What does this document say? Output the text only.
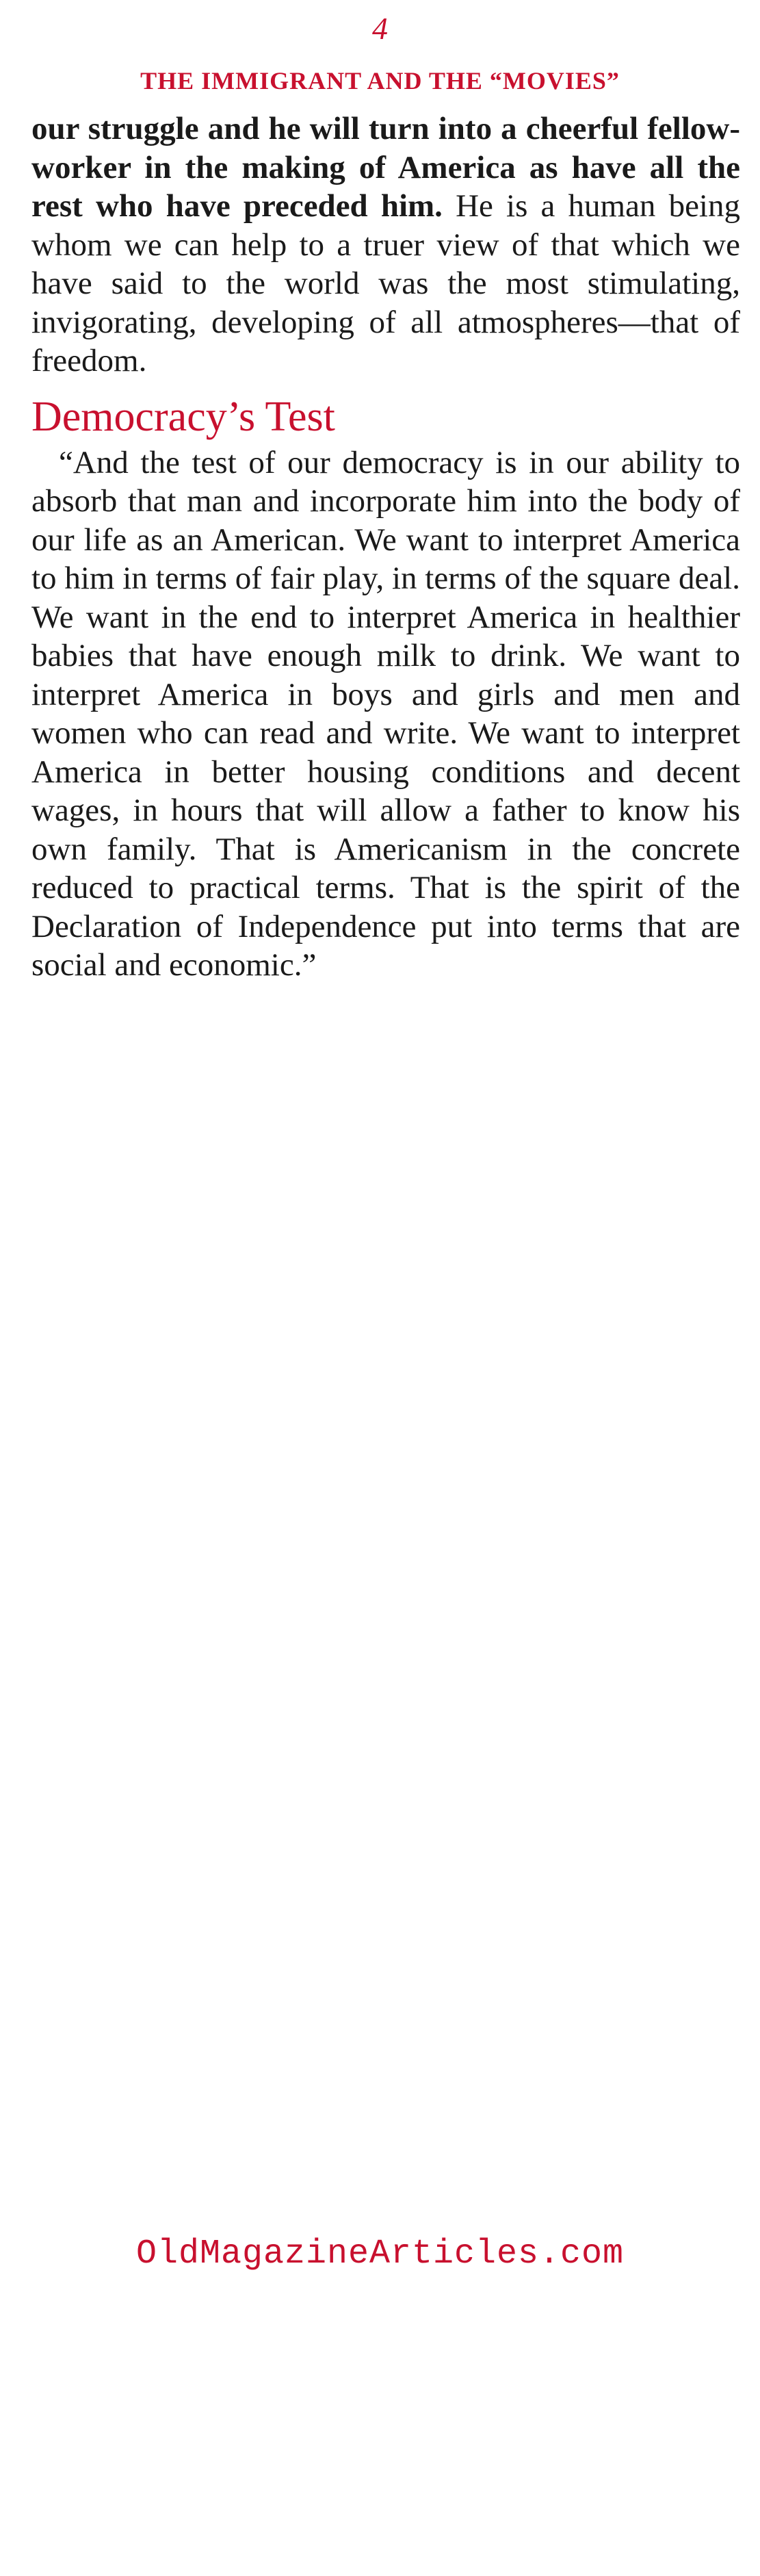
4
THE IMMIGRANT AND THE “MOVIES”

our struggle and he will turn into a cheerful fellow-worker in the making of America as have all the rest who have preceded him. He is a human being whom we can help to a truer view of that which we have said to the world was the most stimulating, invigorating, developing of all atmospheres—that of freedom.

Democracy’s Test

“And the test of our democracy is in our ability to absorb that man and incorporate him into the body of our life as an American. We want to interpret America to him in terms of fair play, in terms of the square deal. We want in the end to interpret America in healthier babies that have enough milk to drink. We want to interpret America in boys and girls and men and women who can read and write. We want to interpret America in better housing conditions and decent wages, in hours that will allow a father to know his own family. That is Americanism in the concrete reduced to practical terms. That is the spirit of the Declaration of Independence put into terms that are social and economic.”

OldMagazineArticles.com
